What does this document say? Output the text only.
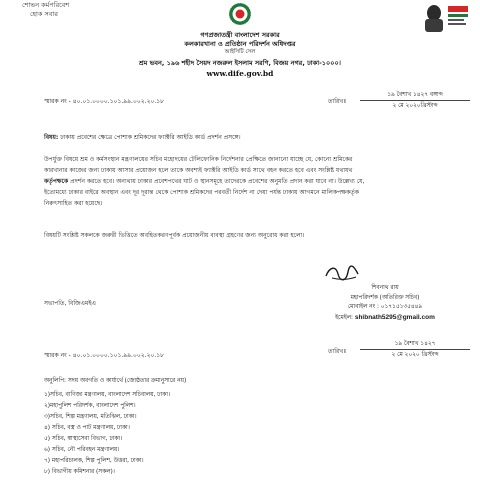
শোভন কর্মপরিবেশ
হোক সবার
গণপ্রজাতন্ত্রী বাংলাদেশ সরকার
কলকারখানা ও প্রতিষ্ঠান পরিদর্শন অধিদপ্তর
আইসিটি সেল
শ্রম ভবন, ১৯৬ শহীদ সৈয়দ নজরুল ইসলাম সরণি, বিজয় নগর, ঢাকা-১০০০।
www.dife.gov.bd
স্মারক নং - ৪০.০১.০০০০.১০১.৯৯.০০২.২০.১৮	তারিখঃ
১৯ বৈশাখ ১৪২৭ বঙ্গাব্দ
২ মে ২০২০খ্রিস্টাব্দ
বিষয়: ঢাকায় প্রবেশের ক্ষেত্রে পোশাক শ্রমিকদের ফ্যাক্টরি আইডি কার্ড প্রদর্শন প্রসঙ্গে।
উপর্যুক্ত বিষয়ে শ্রম ও কর্মসংস্থান মন্ত্রণালয়ের সচিব মহোদয়ের টেলিফোনিক নির্দেশনার প্রেক্ষিতে জানানো যাচ্ছে যে, কোনো শ্রমিকের
কারখানার কাজের জন্য ঢাকায় আসার প্রয়োজন হলে তাকে অবশ্যই ফ্যাক্টরি আইডি কার্ড সাথে বহন করতে হবে এবং সংশ্লিষ্ট যথাযথ
কর্তৃপক্ষকে প্রদর্শন করতে হবে। অন্যথায় ঢাকার প্রবেশপথের ঘাট ও স্থানসমূহে তাদেরকে প্রবেশের অনুমতি প্রদান করা যাবে না। উল্লেখ্য যে,
ইতোমধ্যে ঢাকার বাইরে অবস্থান এবং দূর দূরান্ত থেকে পোশাক শ্রমিকদের পরবর্তী নির্দেশ না দেয়া পর্যন্ত ঢাকায় আগমনে মালিকপক্ষকর্তৃক
নিরুৎসাহিত করা হয়েছে।
বিষয়টি সংশ্লিষ্ট সকলকে জরুরী ভিত্তিতে অবহিতকরণপূর্বক প্রয়োজনীয় ব্যবস্থা গ্রহণের জন্য অনুরোধ করা হলো।
শিবনাথ রায়
মহাপরিদর্শক (অতিরিক্ত সচিব)
মোবাইল নং : ০১৭১৫১৩৫৪৪৯
ইমেইল: shibnath5295@gmail.com
সভাপতি, বিজিএমইএ
স্মারক নং - ৪০.০১.০০০০.১০১.৯৯.০০২.২০.১৮
তারিখঃ
১৯ বৈশাখ ১৪২৭
২ মে ২০২০ খ্রিস্টাব্দ
অনুলিপি: সদয় অবগতি ও কার্যার্থে (জ্যেষ্ঠতার ক্রমানুসারে নয়)
১)সচিব, বাণিজ্য মন্ত্রণালয়, বাংলাদেশ সচিবালয়, ঢাকা।
২)মহাপুলিশ পরিদর্শক, বাংলাদেশ পুলিশ।
৩)সচিব, শিল্প মন্ত্রণালয়, মতিঝিল, ঢাকা।
৪) সচিব, বস্ত্র ও পাট মন্ত্রণালয়, ঢাকা।
৫) সচিব, স্বাস্থ্যসেবা বিভাগ, ঢাকা।
৬) সচিব, নৌ পরিবহন মন্ত্রণালয়।
৭) মহাপরিচালক, শিল্প পুলিশ, উত্তরা, ঢাকা।
৮) বিভাগীয় কমিশনার (সকল)।
